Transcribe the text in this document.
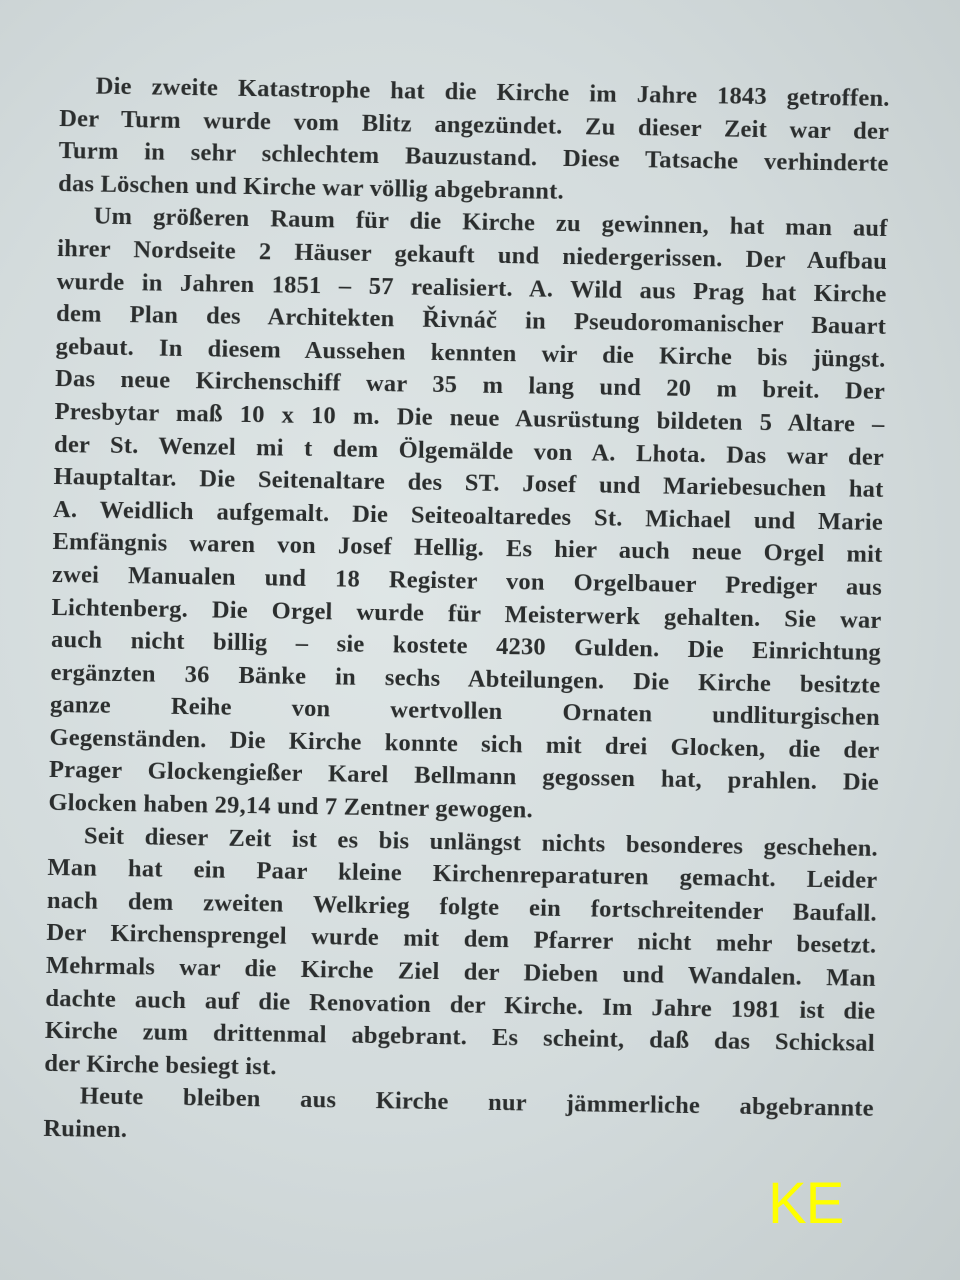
Die zweite Katastrophe hat die Kirche im Jahre 1843 getroffen.
Der Turm wurde vom Blitz angezündet. Zu dieser Zeit war der
Turm in sehr schlechtem Bauzustand. Diese Tatsache verhinderte
das Löschen und Kirche war völlig abgebrannt.
Um größeren Raum für die Kirche zu gewinnen, hat man auf
ihrer Nordseite 2 Häuser gekauft und niedergerissen. Der Aufbau
wurde in Jahren 1851 – 57 realisiert. A. Wild aus Prag hat Kirche
dem Plan des Architekten Řivnáč in Pseudoromanischer Bauart
gebaut. In diesem Aussehen kennten wir die Kirche bis jüngst.
Das neue Kirchenschiff war 35 m lang und 20 m breit. Der
Presbytar maß 10 x 10 m. Die neue Ausrüstung bildeten 5 Altare –
der St. Wenzel mi t dem Ölgemälde von A. Lhota. Das war der
Hauptaltar. Die Seitenaltare des ST. Josef und Mariebesuchen hat
A. Weidlich aufgemalt. Die Seiteoaltaredes St. Michael und Marie
Emfängnis waren von Josef Hellig. Es hier auch neue Orgel mit
zwei Manualen und 18 Register von Orgelbauer Prediger aus
Lichtenberg. Die Orgel wurde für Meisterwerk gehalten. Sie war
auch nicht billig – sie kostete 4230 Gulden. Die Einrichtung
ergänzten 36 Bänke in sechs Abteilungen. Die Kirche besitzte
ganze Reihe von wertvollen Ornaten undliturgischen
Gegenständen. Die Kirche konnte sich mit drei Glocken, die der
Prager Glockengießer Karel Bellmann gegossen hat, prahlen. Die
Glocken haben 29,14 und 7 Zentner gewogen.
Seit dieser Zeit ist es bis unlängst nichts besonderes geschehen.
Man hat ein Paar kleine Kirchenreparaturen gemacht. Leider
nach dem zweiten Welkrieg folgte ein fortschreitender Baufall.
Der Kirchensprengel wurde mit dem Pfarrer nicht mehr besetzt.
Mehrmals war die Kirche Ziel der Dieben und Wandalen. Man
dachte auch auf die Renovation der Kirche. Im Jahre 1981 ist die
Kirche zum drittenmal abgebrant. Es scheint, daß das Schicksal
der Kirche besiegt ist.
Heute bleiben aus Kirche nur jämmerliche abgebrannte
Ruinen.
KE
